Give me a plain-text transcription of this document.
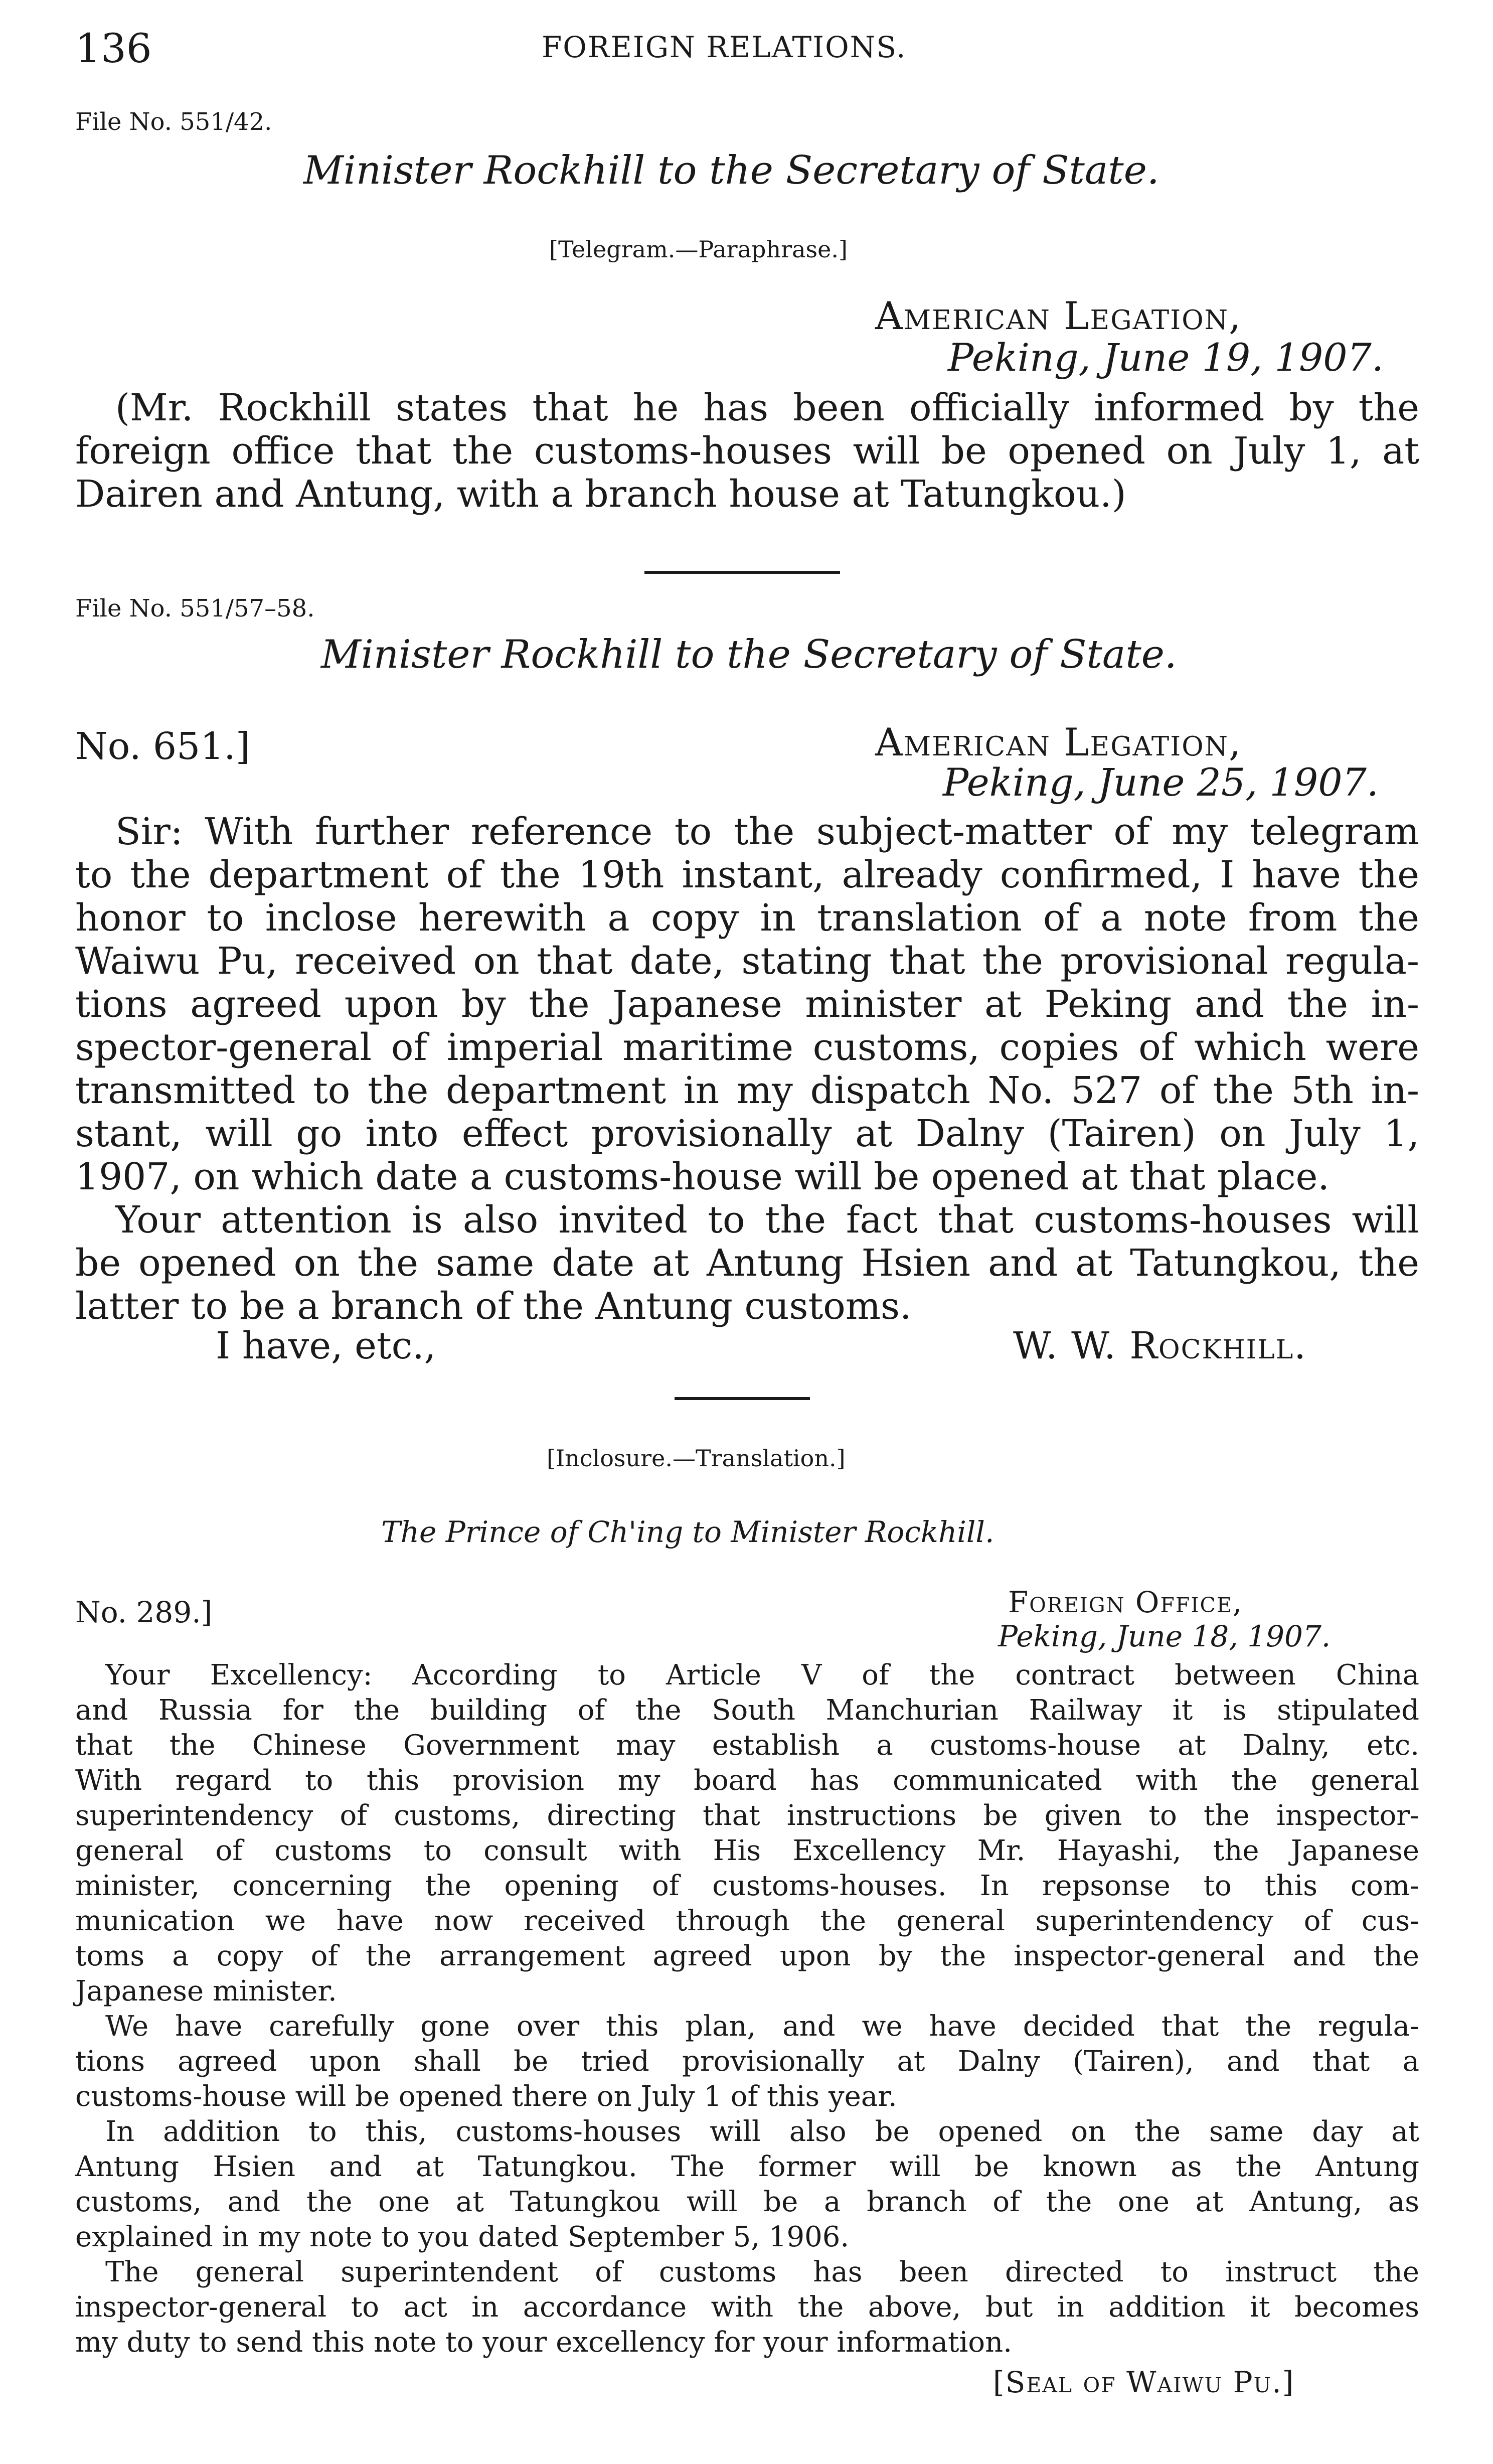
136	FOREIGN RELATIONS.
File No. 551/42.
Minister Rockhill to the Secretary of State.
[Telegram.—Paraphrase.]
American Legation,
Peking, June 19, 1907.
(Mr. Rockhill states that he has been officially informed by the
foreign office that the customs-houses will be opened on July 1, at
Dairen and Antung, with a branch house at Tatungkou.)
File No. 551/57–58.
Minister Rockhill to the Secretary of State.
No. 651.]	American Legation,
Peking, June 25, 1907.
Sir: With further reference to the subject-matter of my telegram
to the department of the 19th instant, already confirmed, I have the
honor to inclose herewith a copy in translation of a note from the
Waiwu Pu, received on that date, stating that the provisional regula-
tions agreed upon by the Japanese minister at Peking and the in-
spector-general of imperial maritime customs, copies of which were
transmitted to the department in my dispatch No. 527 of the 5th in-
stant, will go into effect provisionally at Dalny (Tairen) on July 1,
1907, on which date a customs-house will be opened at that place.
Your attention is also invited to the fact that customs-houses will
be opened on the same date at Antung Hsien and at Tatungkou, the
latter to be a branch of the Antung customs.
I have, etc.,	W. W. Rockhill.
[Inclosure.—Translation.]
The Prince of Ch'ing to Minister Rockhill.
No. 289.]	Foreign Office,
Peking, June 18, 1907.
Your Excellency: According to Article V of the contract between China
and Russia for the building of the South Manchurian Railway it is stipulated
that the Chinese Government may establish a customs-house at Dalny, etc.
With regard to this provision my board has communicated with the general
superintendency of customs, directing that instructions be given to the inspector-
general of customs to consult with His Excellency Mr. Hayashi, the Japanese
minister, concerning the opening of customs-houses. In repsonse to this com-
munication we have now received through the general superintendency of cus-
toms a copy of the arrangement agreed upon by the inspector-general and the
Japanese minister.
We have carefully gone over this plan, and we have decided that the regula-
tions agreed upon shall be tried provisionally at Dalny (Tairen), and that a
customs-house will be opened there on July 1 of this year.
In addition to this, customs-houses will also be opened on the same day at
Antung Hsien and at Tatungkou. The former will be known as the Antung
customs, and the one at Tatungkou will be a branch of the one at Antung, as
explained in my note to you dated September 5, 1906.
The general superintendent of customs has been directed to instruct the
inspector-general to act in accordance with the above, but in addition it becomes
my duty to send this note to your excellency for your information.
[Seal of Waiwu Pu.]
